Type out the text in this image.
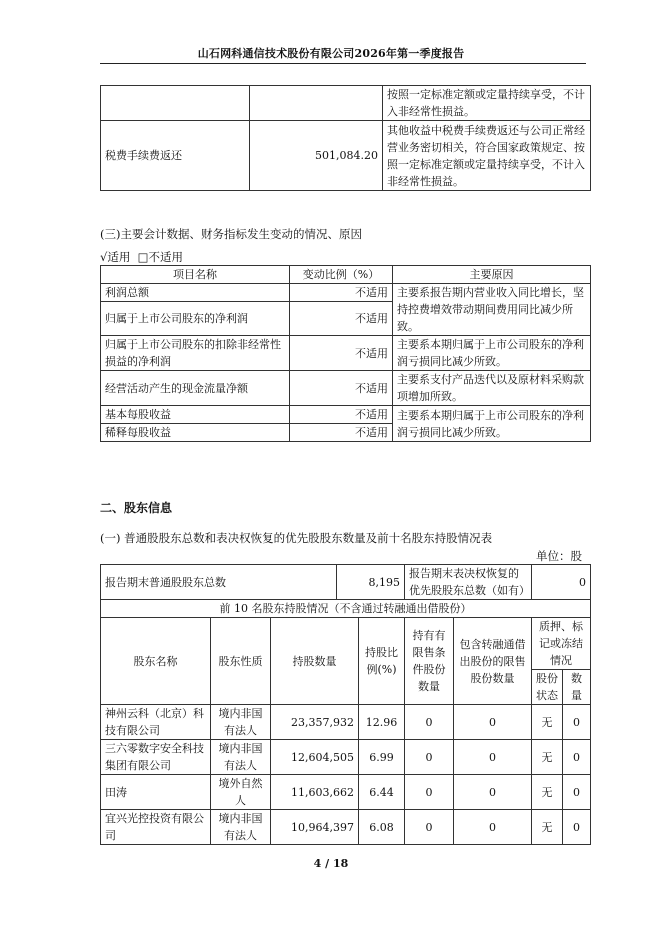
山石网科通信技术股份有限公司2026年第一季度报告
		按照一定标准定额或定量持续享受，不计入非经常性损益。
税费手续费返还	501,084.20	其他收益中税费手续费返还与公司正常经营业务密切相关，符合国家政策规定、按照一定标准定额或定量持续享受，不计入非经常性损益。
(三)主要会计数据、财务指标发生变动的情况、原因
√适用 □不适用
项目名称	变动比例（%）	主要原因
利润总额	不适用	主要系报告期内营业收入同比增长，坚持控费增效带动期间费用同比减少所致。
归属于上市公司股东的净利润	不适用	
归属于上市公司股东的扣除非经常性损益的净利润	不适用	主要系本期归属于上市公司股东的净利润亏损同比减少所致。
经营活动产生的现金流量净额	不适用	主要系支付产品迭代以及原材料采购款项增加所致。
基本每股收益	不适用	主要系本期归属于上市公司股东的净利润亏损同比减少所致。
稀释每股收益	不适用	
二、股东信息
(一) 普通股股东总数和表决权恢复的优先股股东数量及前十名股东持股情况表
单位：股
报告期末普通股股东总数			8,195		报告期末表决权恢复的优先股股东总数（如有）		0	
前 10 名股东持股情况（不含通过转融通出借股份）								
股东名称	股东性质	持股数量		持股比例(%)	持有有限售条件股份数量	包含转融通借出股份的限售股份数量	质押、标记或冻结情况	
							股份状态	数量
神州云科（北京）科技有限公司	境内非国有法人	23,357,932		12.96	0	0	无	0
三六零数字安全科技集团有限公司	境内非国有法人	12,604,505		6.99	0	0	无	0
田涛	境外自然人	11,603,662		6.44	0	0	无	0
宜兴光控投资有限公司	境内非国有法人	10,964,397		6.08	0	0	无	0
4 / 18
